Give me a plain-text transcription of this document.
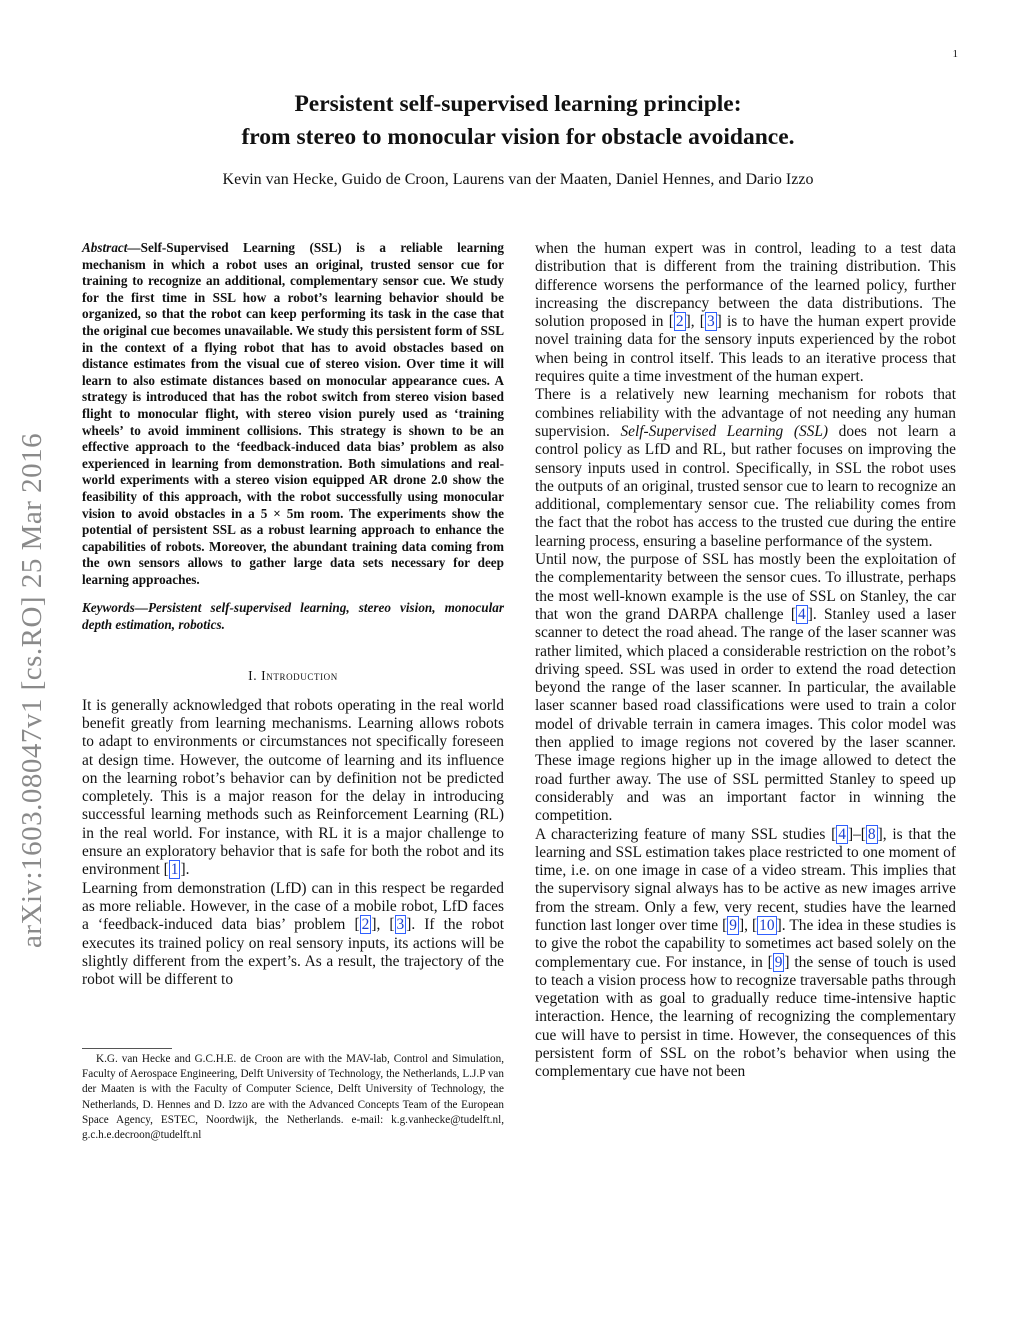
1
arXiv:1603.08047v1 [cs.RO] 25 Mar 2016
Persistent self-supervised learning principle:
from stereo to monocular vision for obstacle avoidance.
Kevin van Hecke, Guido de Croon, Laurens van der Maaten, Daniel Hennes, and Dario Izzo

Abstract—Self-Supervised Learning (SSL) is a reliable learning mechanism in which a robot uses an original, trusted sensor cue for training to recognize an additional, complementary sensor cue. We study for the first time in SSL how a robot’s learning behavior should be organized, so that the robot can keep performing its task in the case that the original cue becomes unavailable. We study this persistent form of SSL in the context of a flying robot that has to avoid obstacles based on distance estimates from the visual cue of stereo vision. Over time it will learn to also estimate distances based on monocular appearance cues. A strategy is introduced that has the robot switch from stereo vision based flight to monocular flight, with stereo vision purely used as ‘training wheels’ to avoid imminent collisions. This strategy is shown to be an effective approach to the ‘feedback-induced data bias’ problem as also experienced in learning from demonstration. Both simulations and real-world experiments with a stereo vision equipped AR drone 2.0 show the feasibility of this approach, with the robot successfully using monocular vision to avoid obstacles in a 5 × 5m room. The experiments show the potential of persistent SSL as a robust learning approach to enhance the capabilities of robots. Moreover, the abundant training data coming from the own sensors allows to gather large data sets necessary for deep learning approaches.

Keywords—Persistent self-supervised learning, stereo vision, monocular depth estimation, robotics.

I. Introduction

It is generally acknowledged that robots operating in the real world benefit greatly from learning mechanisms. Learning allows robots to adapt to environments or circumstances not specifically foreseen at design time. However, the outcome of learning and its influence on the learning robot’s behavior can by definition not be predicted completely. This is a major reason for the delay in introducing successful learning methods such as Reinforcement Learning (RL) in the real world. For instance, with RL it is a major challenge to ensure an exploratory behavior that is safe for both the robot and its environment [ 1 ].

Learning from demonstration (LfD) can in this respect be regarded as more reliable. However, in the case of a mobile robot, LfD faces a ‘feedback-induced data bias’ problem [ 2 ], [ 3 ]. If the robot executes its trained policy on real sensory inputs, its actions will be slightly different from the expert’s. As a result, the trajectory of the robot will be different to

K.G. van Hecke and G.C.H.E. de Croon are with the MAV-lab, Control and Simulation, Faculty of Aerospace Engineering, Delft University of Technology, the Netherlands, L.J.P van der Maaten is with the Faculty of Computer Science, Delft University of Technology, the Netherlands, D. Hennes and D. Izzo are with the Advanced Concepts Team of the European Space Agency, ESTEC, Noordwijk, the Netherlands. e-mail: k.g.vanhecke@tudelft.nl, g.c.h.e.decroon@tudelft.nl

when the human expert was in control, leading to a test data distribution that is different from the training distribution. This difference worsens the performance of the learned policy, further increasing the discrepancy between the data distributions. The solution proposed in [ 2 ], [ 3 ] is to have the human expert provide novel training data for the sensory inputs experienced by the robot when being in control itself. This leads to an iterative process that requires quite a time investment of the human expert.

There is a relatively new learning mechanism for robots that combines reliability with the advantage of not needing any human supervision. Self-Supervised Learning (SSL) does not learn a control policy as LfD and RL, but rather focuses on improving the sensory inputs used in control. Specifically, in SSL the robot uses the outputs of an original, trusted sensor cue to learn to recognize an additional, complementary sensor cue. The reliability comes from the fact that the robot has access to the trusted cue during the entire learning process, ensuring a baseline performance of the system.

Until now, the purpose of SSL has mostly been the exploitation of the complementarity between the sensor cues. To illustrate, perhaps the most well-known example is the use of SSL on Stanley, the car that won the grand DARPA challenge [ 4 ]. Stanley used a laser scanner to detect the road ahead. The range of the laser scanner was rather limited, which placed a considerable restriction on the robot’s driving speed. SSL was used in order to extend the road detection beyond the range of the laser scanner. In particular, the available laser scanner based road classifications were used to train a color model of drivable terrain in camera images. This color model was then applied to image regions not covered by the laser scanner. These image regions higher up in the image allowed to detect the road further away. The use of SSL permitted Stanley to speed up considerably and was an important factor in winning the competition.

A characterizing feature of many SSL studies [ 4 ]–[ 8 ], is that the learning and SSL estimation takes place restricted to one moment of time, i.e. on one image in case of a video stream. This implies that the supervisory signal always has to be active as new images arrive from the stream. Only a few, very recent, studies have the learned function last longer over time [ 9 ], [ 10 ]. The idea in these studies is to give the robot the capability to sometimes act based solely on the complementary cue. For instance, in [ 9 ] the sense of touch is used to teach a vision process how to recognize traversable paths through vegetation with as goal to gradually reduce time-intensive haptic interaction. Hence, the learning of recognizing the complementary cue will have to persist in time. However, the consequences of this persistent form of SSL on the robot’s behavior when using the complementary cue have not been
